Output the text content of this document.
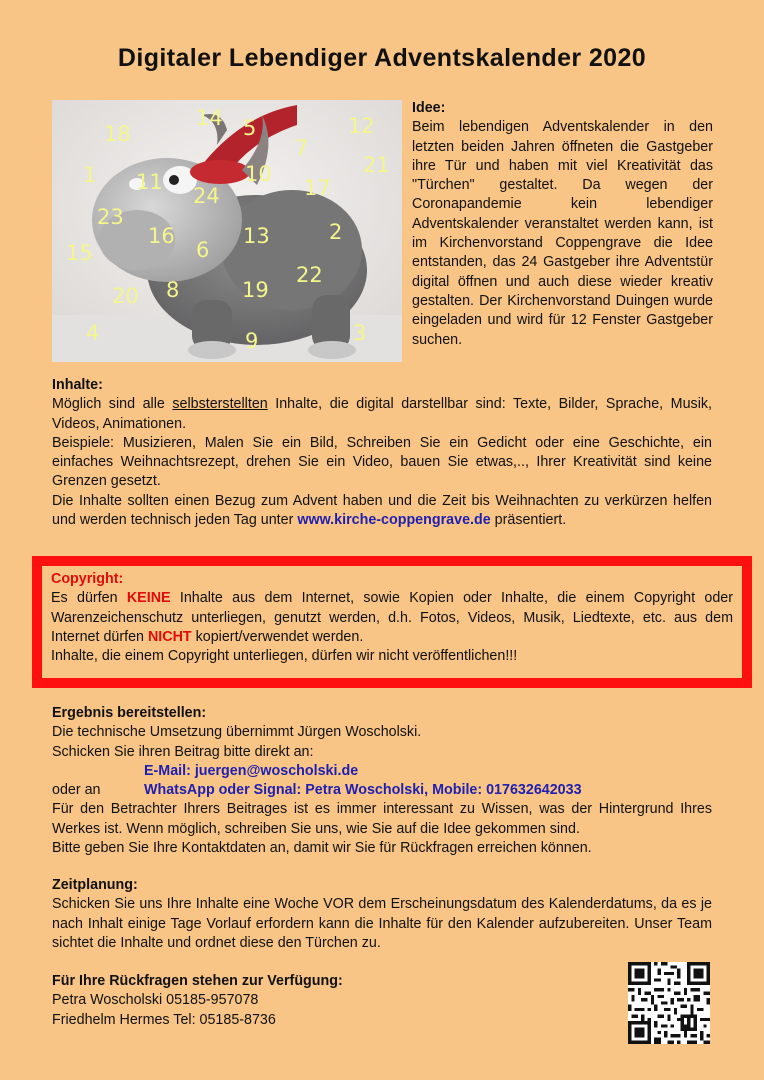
Digitaler Lebendiger Adventskalender 2020
14
18	5	12
7
21
1 11	10
17
24
23
16
6
13	2
15
22
20 8	19
4	9	3
Idee:
Beim lebendigen Adventskalender in den letzten beiden Jahren öffneten die Gastgeber ihre Tür und haben mit viel Kreativität das "Türchen" gestaltet. Da wegen der Coronapandemie kein lebendiger Adventskalender veranstaltet werden kann, ist im Kirchenvorstand Coppengrave die Idee entstanden, das 24 Gastgeber ihre Adventstür digital öffnen und auch diese wieder kreativ gestalten. Der Kirchenvorstand Duingen wurde eingeladen und wird für 12 Fenster Gastgeber suchen.
Inhalte:
Möglich sind alle selbsterstellten Inhalte, die digital darstellbar sind: Texte, Bilder, Sprache, Musik, Videos, Animationen.
Beispiele: Musizieren, Malen Sie ein Bild, Schreiben Sie ein Gedicht oder eine Geschichte, ein einfaches Weihnachtsrezept, drehen Sie ein Video, bauen Sie etwas,.., Ihrer Kreativität sind keine Grenzen gesetzt.
Die Inhalte sollten einen Bezug zum Advent haben und die Zeit bis Weihnachten zu verkürzen helfen und werden technisch jeden Tag unter www.kirche-coppengrave.de präsentiert.
Copyright:
Es dürfen KEINE Inhalte aus dem Internet, sowie Kopien oder Inhalte, die einem Copyright oder Warenzeichenschutz unterliegen, genutzt werden, d.h. Fotos, Videos, Musik, Liedtexte, etc. aus dem Internet dürfen NICHT kopiert/verwendet werden.
Inhalte, die einem Copyright unterliegen, dürfen wir nicht veröffentlichen!!!
Ergebnis bereitstellen:
Die technische Umsetzung übernimmt Jürgen Woscholski.
Schicken Sie ihren Beitrag bitte direkt an:
E-Mail: juergen@woscholski.de
oder an	WhatsApp oder Signal: Petra Woscholski, Mobile: 017632642033
Für den Betrachter Ihrers Beitrages ist es immer interessant zu Wissen, was der Hintergrund Ihres Werkes ist. Wenn möglich, schreiben Sie uns, wie Sie auf die Idee gekommen sind.
Bitte geben Sie Ihre Kontaktdaten an, damit wir Sie für Rückfragen erreichen können.
Zeitplanung:
Schicken Sie uns Ihre Inhalte eine Woche VOR dem Erscheinungsdatum des Kalenderdatums, da es je nach Inhalt einige Tage Vorlauf erfordern kann die Inhalte für den Kalender aufzubereiten. Unser Team sichtet die Inhalte und ordnet diese den Türchen zu.
Für Ihre Rückfragen stehen zur Verfügung:
Petra Woscholski 05185-957078
Friedhelm Hermes Tel: 05185-8736
